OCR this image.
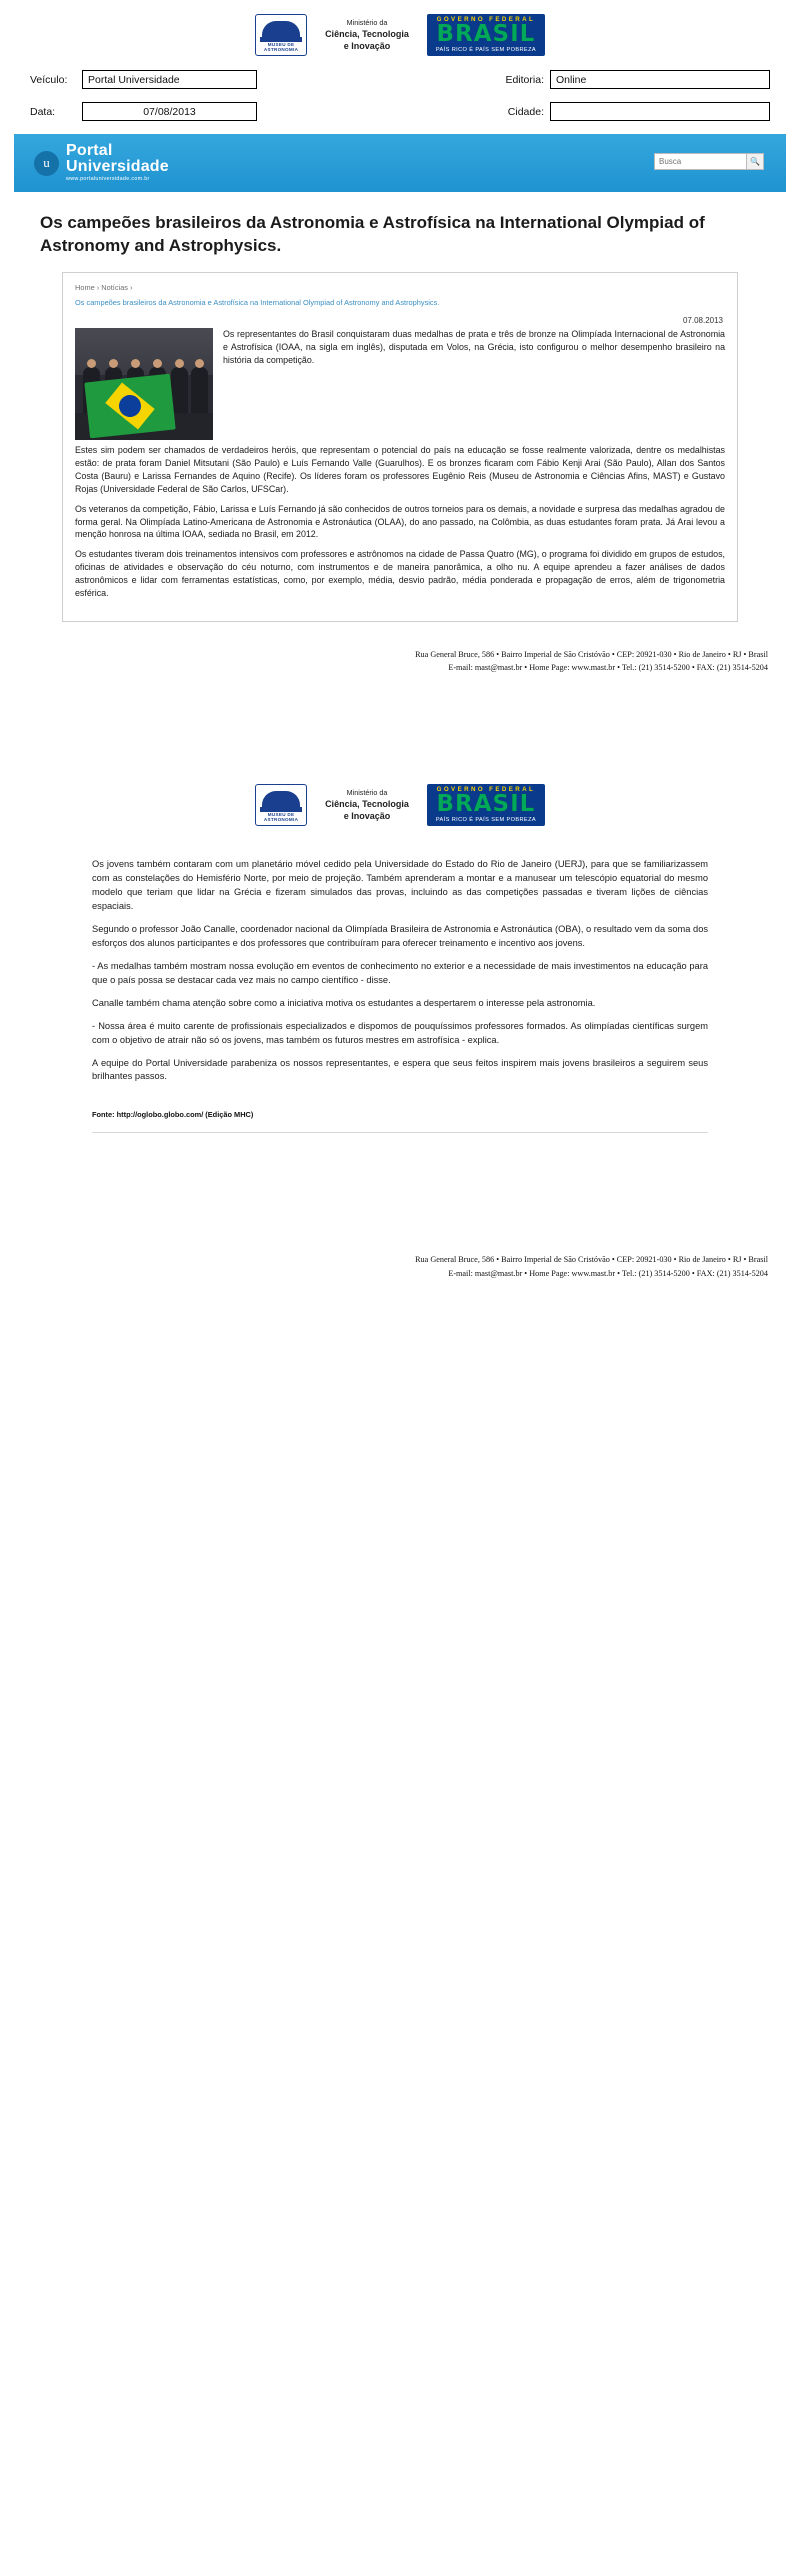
MUSEU DE
ASTRONOMIA
Ministério da
Ciência, Tecnologia
e Inovação
GOVERNO FEDERAL
BRASIL
PAÍS RICO É PAÍS SEM POBREZA
Veículo:	Portal Universidade	Editoria:	Online
Data:	07/08/2013	Cidade:
u
Portal
Universidade
www.portaluniversidade.com.br
Busca
🔍
Os campeões brasileiros da Astronomia e Astrofísica na International Olympiad of Astronomy and Astrophysics.
Home › Notícias ›
Os campeões brasileiros da Astronomia e Astrofísica na International Olympiad of Astronomy and Astrophysics.
07.08.2013

Os representantes do Brasil conquistaram duas medalhas de prata e três de bronze na Olimpíada Internacional de Astronomia e Astrofísica (IOAA, na sigla em inglês), disputada em Volos, na Grécia, isto configurou o melhor desempenho brasileiro na história da competição.

Estes sim podem ser chamados de verdadeiros heróis, que representam o potencial do país na educação se fosse realmente valorizada, dentre os medalhistas estão: de prata foram Daniel Mitsutani (São Paulo) e Luís Fernando Valle (Guarulhos). E os bronzes ficaram com Fábio Kenji Arai (São Paulo), Allan dos Santos Costa (Bauru) e Larissa Fernandes de Aquino (Recife). Os líderes foram os professores Eugênio Reis (Museu de Astronomia e Ciências Afins, MAST) e Gustavo Rojas (Universidade Federal de São Carlos, UFSCar).

Os veteranos da competição, Fábio, Larissa e Luís Fernando já são conhecidos de outros torneios para os demais, a novidade e surpresa das medalhas agradou de forma geral. Na Olimpíada Latino-Americana de Astronomia e Astronáutica (OLAA), do ano passado, na Colômbia, as duas estudantes foram prata. Já Arai levou a menção honrosa na última IOAA, sediada no Brasil, em 2012.

Os estudantes tiveram dois treinamentos intensivos com professores e astrônomos na cidade de Passa Quatro (MG), o programa foi dividido em grupos de estudos, oficinas de atividades e observação do céu noturno, com instrumentos e de maneira panorâmica, a olho nu. A equipe aprendeu a fazer análises de dados astronômicos e lidar com ferramentas estatísticas, como, por exemplo, média, desvio padrão, média ponderada e propagação de erros, além de trigonometria esférica.

Rua General Bruce, 586 • Bairro Imperial de São Cristóvão • CEP: 20921-030 • Rio de Janeiro • RJ • Brasil
E-mail: mast@mast.br • Home Page: www.mast.br • Tel.: (21) 3514-5200 • FAX: (21) 3514-5204
MUSEU DE
ASTRONOMIA
Ministério da
Ciência, Tecnologia
e Inovação
GOVERNO FEDERAL
BRASIL
PAÍS RICO É PAÍS SEM POBREZA

Os jovens também contaram com um planetário móvel cedido pela Universidade do Estado do Rio de Janeiro (UERJ), para que se familiarizassem com as constelações do Hemisfério Norte, por meio de projeção. Também aprenderam a montar e a manusear um telescópio equatorial do mesmo modelo que teriam que lidar na Grécia e fizeram simulados das provas, incluindo as das competições passadas e tiveram lições de ciências espaciais.

Segundo o professor João Canalle, coordenador nacional da Olimpíada Brasileira de Astronomia e Astronáutica (OBA), o resultado vem da soma dos esforços dos alunos participantes e dos professores que contribuíram para oferecer treinamento e incentivo aos jovens.

- As medalhas também mostram nossa evolução em eventos de conhecimento no exterior e a necessidade de mais investimentos na educação para que o país possa se destacar cada vez mais no campo científico - disse.

Canalle também chama atenção sobre como a iniciativa motiva os estudantes a despertarem o interesse pela astronomia.

- Nossa área é muito carente de profissionais especializados e dispomos de pouquíssimos professores formados. As olimpíadas científicas surgem com o objetivo de atrair não só os jovens, mas também os futuros mestres em astrofísica - explica.

A equipe do Portal Universidade parabeniza os nossos representantes, e espera que seus feitos inspirem mais jovens brasileiros a seguirem seus brilhantes passos.

Fonte: http://oglobo.globo.com/ (Edição MHC)
Rua General Bruce, 586 • Bairro Imperial de São Cristóvão • CEP: 20921-030 • Rio de Janeiro • RJ • Brasil
E-mail: mast@mast.br • Home Page: www.mast.br • Tel.: (21) 3514-5200 • FAX: (21) 3514-5204
